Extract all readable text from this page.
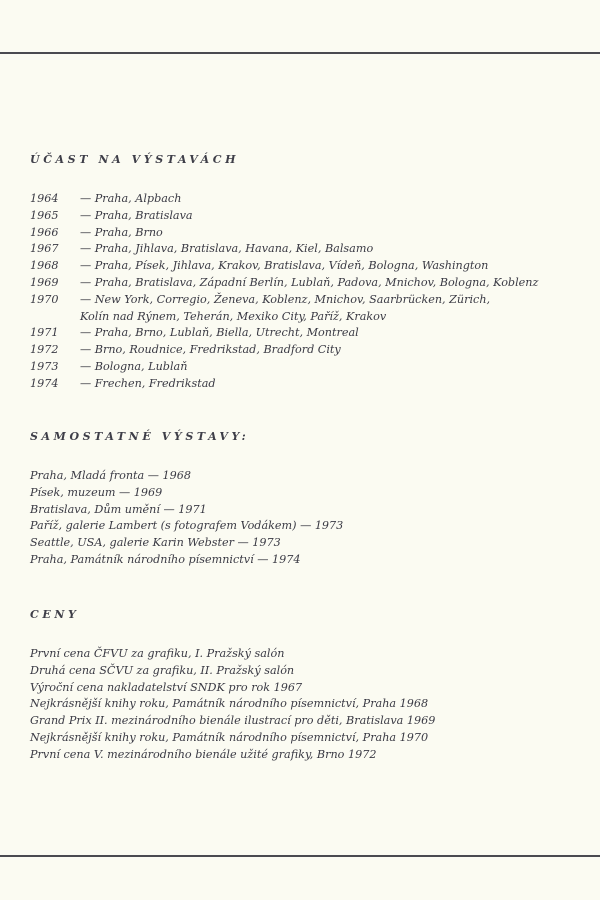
ÚČAST NA VÝSTAVÁCH
1964 — Praha, Alpbach
1965 — Praha, Bratislava
1966 — Praha, Brno
1967 — Praha, Jihlava, Bratislava, Havana, Kiel, Balsamo
1968 — Praha, Písek, Jihlava, Krakov, Bratislava, Vídeň, Bologna, Washington
1969 — Praha, Bratislava, Západní Berlín, Lublaň, Padova, Mnichov, Bologna, Koblenz
1970 — New York, Corregio, Ženeva, Koblenz, Mnichov, Saarbrücken, Zürich,
Kolín nad Rýnem, Teherán, Mexiko City, Paříž, Krakov
1971 — Praha, Brno, Lublaň, Biella, Utrecht, Montreal
1972 — Brno, Roudnice, Fredrikstad, Bradford City
1973 — Bologna, Lublaň
1974 — Frechen, Fredrikstad
SAMOSTATNÉ VÝSTAVY:
Praha, Mladá fronta — 1968
Písek, muzeum — 1969
Bratislava, Dům umění — 1971
Paříž, galerie Lambert (s fotografem Vodákem) — 1973
Seattle, USA, galerie Karin Webster — 1973
Praha, Památník národního písemnictví — 1974
CENY
První cena ČFVU za grafiku, I. Pražský salón
Druhá cena SČVU za grafiku, II. Pražský salón
Výroční cena nakladatelství SNDK pro rok 1967
Nejkrásnější knihy roku, Památník národního písemnictví, Praha 1968
Grand Prix II. mezinárodního bienále ilustrací pro děti, Bratislava 1969
Nejkrásnější knihy roku, Památník národního písemnictví, Praha 1970
První cena V. mezinárodního bienále užité grafiky, Brno 1972
